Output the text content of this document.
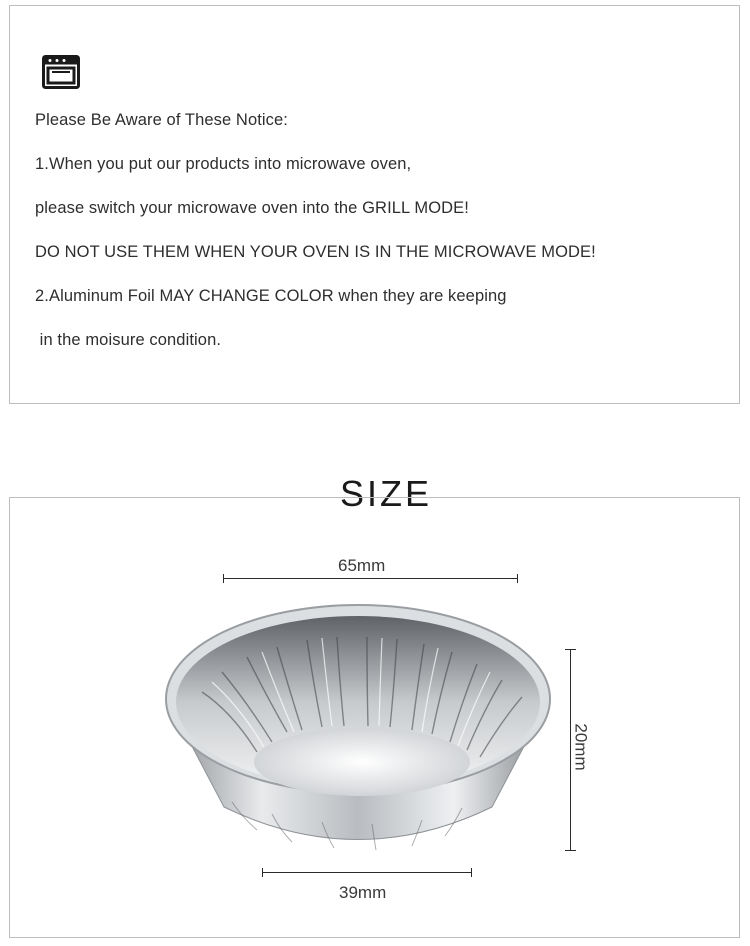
Please Be Aware of These Notice:
1.When you put our products into microwave oven,
please switch your microwave oven into the GRILL MODE!
DO NOT USE THEM WHEN YOUR OVEN IS IN THE MICROWAVE MODE!
2.Aluminum Foil MAY CHANGE COLOR when they are keeping
in the moisure condition.
SIZE
65mm
20mm
39mm
